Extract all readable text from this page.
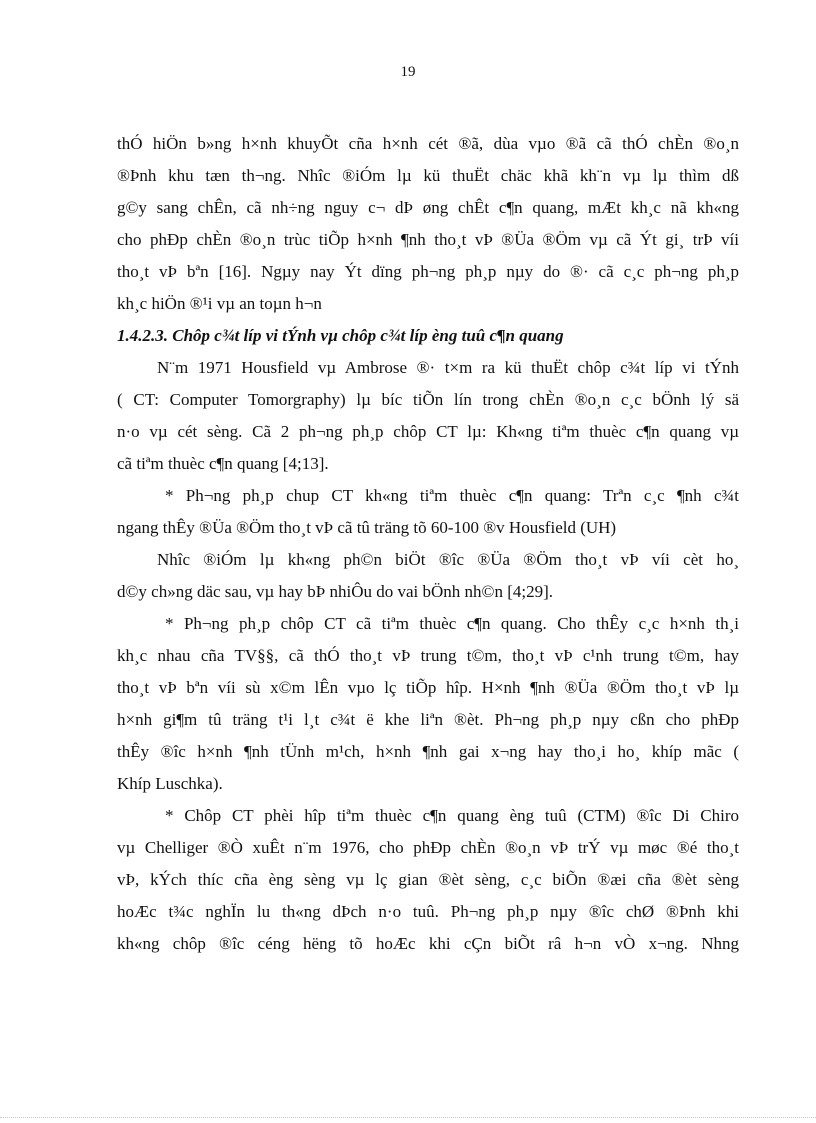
19
thÓ hiÖn b»ng h×nh khuyÕt cña h×nh cét ®ã, dùa vµo ®ã cã thÓ chÈn ®o¸n
®Þnh khu tæn th¬ng. Nhîc ®iÓm lµ kü thuËt chäc khã kh¨n vµ lµ thìm dß
g©y sang chÊn, cã nh÷ng nguy c¬ dÞ øng chÊt c¶n quang, mÆt kh¸c nã kh«ng
cho phÐp chÈn ®o¸n trùc tiÕp h×nh ¶nh tho¸t vÞ ®Üa ®Öm vµ cã Ýt gi¸ trÞ víi
tho¸t vÞ bªn [16]. Ngµy nay Ýt dïng ph¬ng ph¸p nµy do ®· cã c¸c ph¬ng ph¸p
kh¸c hiÖn ®¹i vµ an toµn h¬n
1.4.2.3. Chôp c¾t líp vi tÝnh vµ chôp c¾t líp èng tuû c¶n quang
N¨m 1971 Housfield vµ Ambrose ®· t×m ra kü thuËt chôp c¾t líp vi tÝnh
( CT: Computer Tomorgraphy) lµ bíc tiÕn lín trong chÈn ®o¸n c¸c bÖnh lý sä
n·o vµ cét sèng. Cã 2 ph¬ng ph¸p chôp CT lµ: Kh«ng tiªm thuèc c¶n quang vµ
cã tiªm thuèc c¶n quang [4;13].
* Ph¬ng ph¸p chup CT kh«ng tiªm thuèc c¶n quang: Trªn c¸c ¶nh c¾t
ngang thÊy ®Üa ®Öm tho¸t vÞ cã tû träng tõ 60-100 ®v Housfield (UH)
Nhîc ®iÓm lµ kh«ng ph©n biÖt ®îc ®Üa ®Öm tho¸t vÞ víi cèt ho¸
d©y ch»ng däc sau, vµ hay bÞ nhiÔu do vai bÖnh nh©n [4;29].
* Ph¬ng ph¸p chôp CT cã tiªm thuèc c¶n quang. Cho thÊy c¸c h×nh th¸i
kh¸c nhau cña TV§§, cã thÓ tho¸t vÞ trung t©m, tho¸t vÞ c¹nh trung t©m, hay
tho¸t vÞ bªn víi sù x©m lÊn vµo lç tiÕp hîp. H×nh ¶nh ®Üa ®Öm tho¸t vÞ lµ
h×nh gi¶m tû träng t¹i l¸t c¾t ë khe liªn ®èt. Ph¬ng ph¸p nµy cßn cho phÐp
thÊy ®îc h×nh ¶nh tÜnh m¹ch, h×nh ¶nh gai x¬ng hay tho¸i ho¸ khíp mãc (
Khíp Luschka).
* Chôp CT phèi hîp tiªm thuèc c¶n quang èng tuû (CTM) ®îc Di Chiro
vµ Chelliger ®Ò xuÊt n¨m 1976, cho phÐp chÈn ®o¸n vÞ trÝ vµ møc ®é tho¸t
vÞ, kÝch thíc cña èng sèng vµ lç gian ®èt sèng, c¸c biÕn ®æi cña ®èt sèng
hoÆc t¾c nghÏn lu th«ng dÞch n·o tuû. Ph¬ng ph¸p nµy ®îc chØ ®Þnh khi
kh«ng chôp ®îc céng hëng tõ hoÆc khi cÇn biÕt râ h¬n vÒ x¬ng. Nhng
